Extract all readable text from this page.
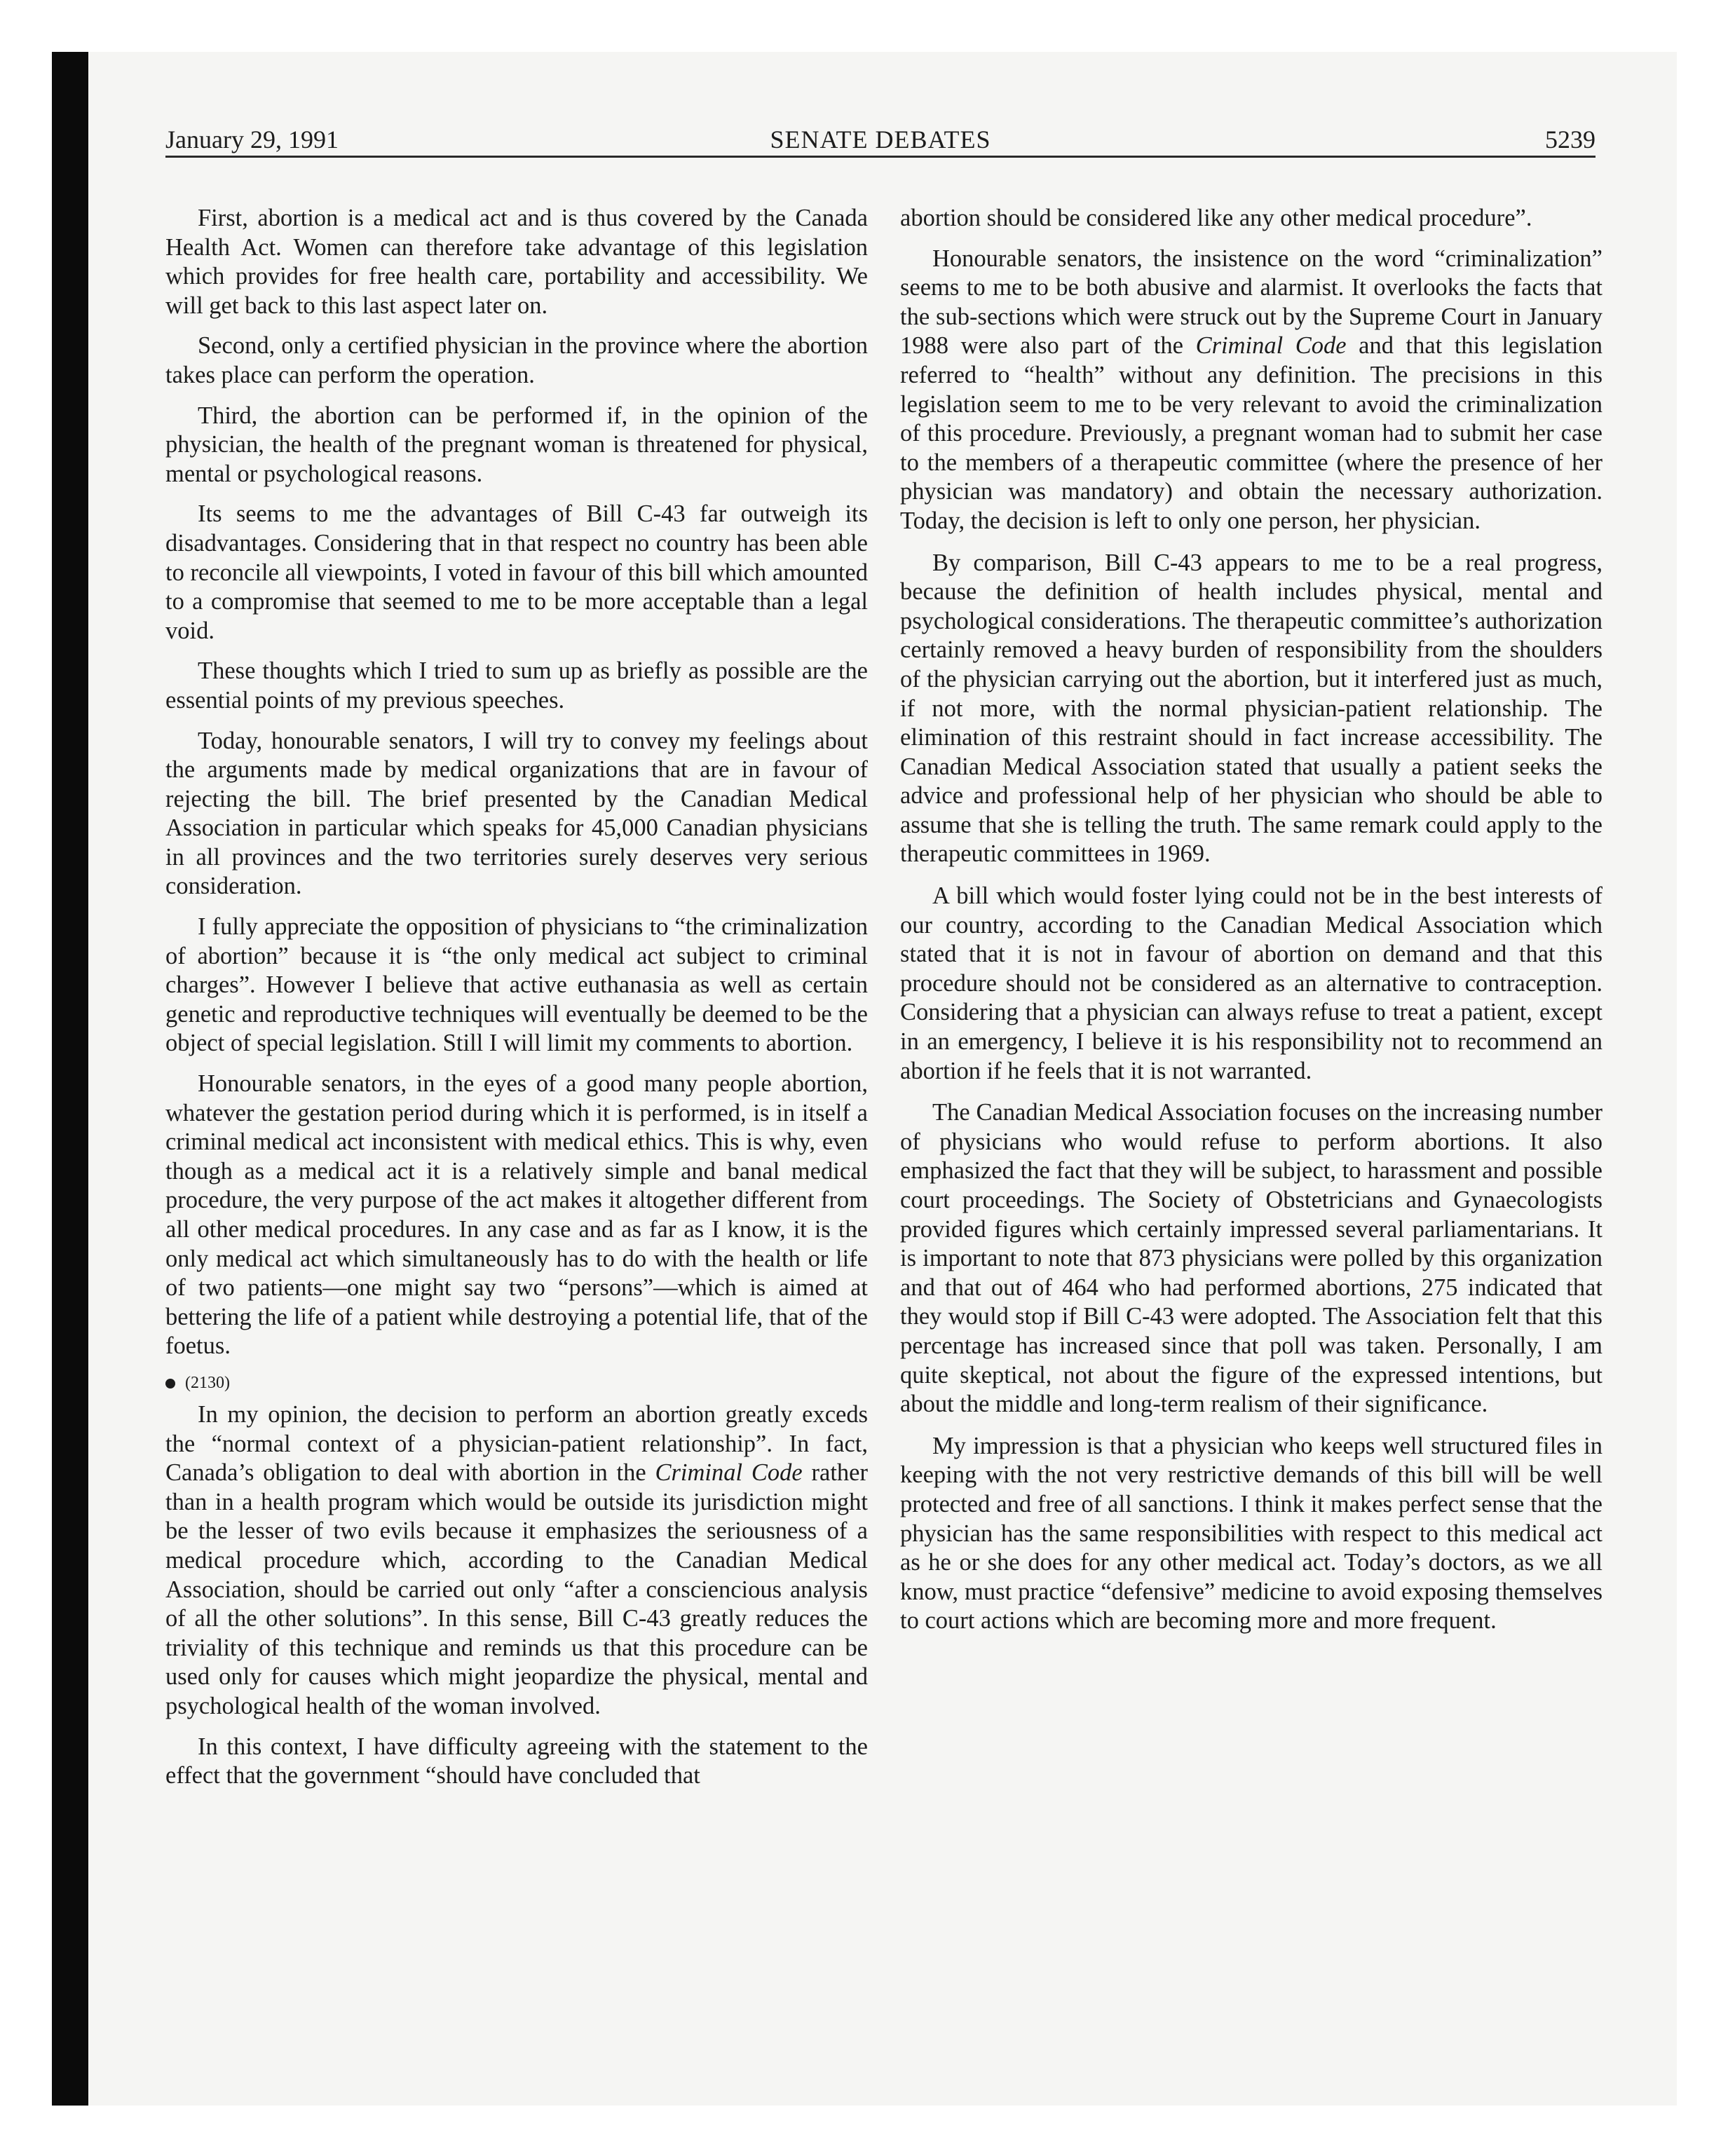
January 29, 1991	SENATE DEBATES	5239

First, abortion is a medical act and is thus covered by the Canada Health Act. Women can therefore take advantage of this legislation which provides for free health care, portability and accessibility. We will get back to this last aspect later on.

Second, only a certified physician in the province where the abortion takes place can perform the operation.

Third, the abortion can be performed if, in the opinion of the physician, the health of the pregnant woman is threatened for physical, mental or psychological reasons.

Its seems to me the advantages of Bill C-43 far outweigh its disadvantages. Considering that in that respect no country has been able to reconcile all viewpoints, I voted in favour of this bill which amounted to a compromise that seemed to me to be more acceptable than a legal void.

These thoughts which I tried to sum up as briefly as possible are the essential points of my previous speeches.

Today, honourable senators, I will try to convey my feelings about the arguments made by medical organizations that are in favour of rejecting the bill. The brief presented by the Canadian Medical Association in particular which speaks for 45,000 Canadian physicians in all provinces and the two territories surely deserves very serious consideration.

I fully appreciate the opposition of physicians to “the criminalization of abortion” because it is “the only medical act subject to criminal charges”. However I believe that active euthanasia as well as certain genetic and reproductive techniques will eventually be deemed to be the object of special legislation. Still I will limit my comments to abortion.

Honourable senators, in the eyes of a good many people abortion, whatever the gestation period during which it is performed, is in itself a criminal medical act inconsistent with medical ethics. This is why, even though as a medical act it is a relatively simple and banal medical procedure, the very purpose of the act makes it altogether different from all other medical procedures. In any case and as far as I know, it is the only medical act which simultaneously has to do with the health or life of two patients—one might say two “persons”—which is aimed at bettering the life of a patient while destroying a potential life, that of the foetus.

(2130)

In my opinion, the decision to perform an abortion greatly exceds the “normal context of a physician-patient relationship”. In fact, Canada’s obligation to deal with abortion in the Criminal Code rather than in a health program which would be outside its jurisdiction might be the lesser of two evils because it emphasizes the seriousness of a medical procedure which, according to the Canadian Medical Association, should be carried out only “after a consciencious analysis of all the other solutions”. In this sense, Bill C-43 greatly reduces the triviality of this technique and reminds us that this procedure can be used only for causes which might jeopardize the physical, mental and psychological health of the woman involved.

In this context, I have difficulty agreeing with the statement to the effect that the government “should have concluded that

abortion should be considered like any other medical procedure”.

Honourable senators, the insistence on the word “criminalization” seems to me to be both abusive and alarmist. It overlooks the facts that the sub-sections which were struck out by the Supreme Court in January 1988 were also part of the Criminal Code and that this legislation referred to “health” without any definition. The precisions in this legislation seem to me to be very relevant to avoid the criminalization of this procedure. Previously, a pregnant woman had to submit her case to the members of a therapeutic committee (where the presence of her physician was mandatory) and obtain the necessary authorization. Today, the decision is left to only one person, her physician.

By comparison, Bill C-43 appears to me to be a real progress, because the definition of health includes physical, mental and psychological considerations. The therapeutic committee’s authorization certainly removed a heavy burden of responsibility from the shoulders of the physician carrying out the abortion, but it interfered just as much, if not more, with the normal physician-patient relationship. The elimination of this restraint should in fact increase accessibility. The Canadian Medical Association stated that usually a patient seeks the advice and professional help of her physician who should be able to assume that she is telling the truth. The same remark could apply to the therapeutic committees in 1969.

A bill which would foster lying could not be in the best interests of our country, according to the Canadian Medical Association which stated that it is not in favour of abortion on demand and that this procedure should not be considered as an alternative to contraception. Considering that a physician can always refuse to treat a patient, except in an emergency, I believe it is his responsibility not to recommend an abortion if he feels that it is not warranted.

The Canadian Medical Association focuses on the increasing number of physicians who would refuse to perform abortions. It also emphasized the fact that they will be subject, to harassment and possible court proceedings. The Society of Obstetricians and Gynaecologists provided figures which certainly impressed several parliamentarians. It is important to note that 873 physicians were polled by this organization and that out of 464 who had performed abortions, 275 indicated that they would stop if Bill C-43 were adopted. The Association felt that this percentage has increased since that poll was taken. Personally, I am quite skeptical, not about the figure of the expressed intentions, but about the middle and long-term realism of their significance.

My impression is that a physician who keeps well structured files in keeping with the not very restrictive demands of this bill will be well protected and free of all sanctions. I think it makes perfect sense that the physician has the same responsibilities with respect to this medical act as he or she does for any other medical act. Today’s doctors, as we all know, must practice “defensive” medicine to avoid exposing themselves to court actions which are becoming more and more frequent.
